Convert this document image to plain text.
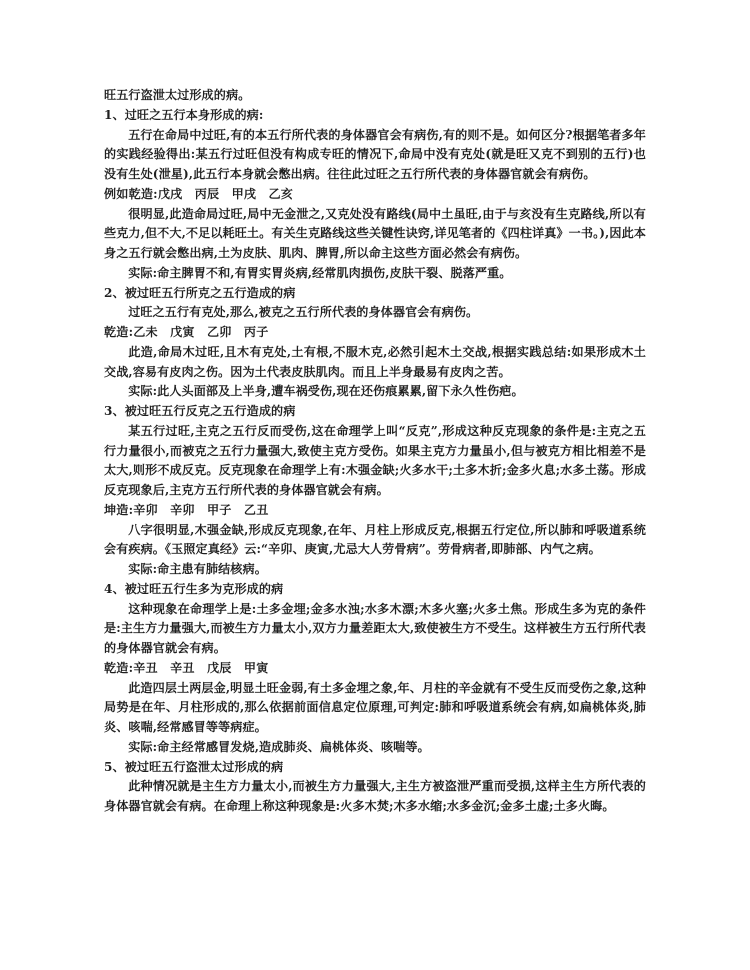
旺五行盗泄太过形成的病。

1、过旺之五行本身形成的病:

五行在命局中过旺,有的本五行所代表的身体器官会有病伤,有的则不是。如何区分?根据笔者多年的实践经验得出:某五行过旺但没有构成专旺的情况下,命局中没有克处(就是旺又克不到别的五行)也没有生处(泄星),此五行本身就会憋出病。往往此过旺之五行所代表的身体器官就会有病伤。

例如乾造:戊戌　丙辰　甲戌　乙亥

很明显,此造命局过旺,局中无金泄之,又克处没有路线(局中土虽旺,由于与亥没有生克路线,所以有些克力,但不大,不足以耗旺土。有关生克路线这些关键性诀窍,详见笔者的《四柱详真》一书。),因此本身之五行就会憋出病,土为皮肤、肌肉、脾胃,所以命主这些方面必然会有病伤。

实际:命主脾胃不和,有胃实胃炎病,经常肌肉损伤,皮肤干裂、脱落严重。

2、被过旺五行所克之五行造成的病

过旺之五行有克处,那么,被克之五行所代表的身体器官会有病伤。

乾造:乙未　戊寅　乙卯　丙子

此造,命局木过旺,且木有克处,土有根,不服木克,必然引起木土交战,根据实践总结:如果形成木土交战,容易有皮肉之伤。因为土代表皮肤肌肉。而且上半身最易有皮肉之苦。

实际:此人头面部及上半身,遭车祸受伤,现在还伤痕累累,留下永久性伤疤。

3、被过旺五行反克之五行造成的病

某五行过旺,主克之五行反而受伤,这在命理学上叫“反克”,形成这种反克现象的条件是:主克之五行力量很小,而被克之五行力量强大,致使主克方受伤。如果主克方力量虽小,但与被克方相比相差不是太大,则形不成反克。反克现象在命理学上有:木强金缺;火多水干;土多木折;金多火息;水多土荡。形成反克现象后,主克方五行所代表的身体器官就会有病。

坤造:辛卯　辛卯　甲子　乙丑

八字很明显,木强金缺,形成反克现象,在年、月柱上形成反克,根据五行定位,所以肺和呼吸道系统会有疾病。《玉照定真经》云:“辛卯、庚寅,尤忌大人劳骨病”。劳骨病者,即肺部、内气之病。

实际:命主患有肺结核病。

4、被过旺五行生多为克形成的病

这种现象在命理学上是:土多金埋;金多水浊;水多木漂;木多火塞;火多土焦。形成生多为克的条件是:主生方力量强大,而被生方力量太小,双方力量差距太大,致使被生方不受生。这样被生方五行所代表的身体器官就会有病。

乾造:辛丑　辛丑　戊辰　甲寅

此造四层土两层金,明显土旺金弱,有土多金埋之象,年、月柱的辛金就有不受生反而受伤之象,这种局势是在年、月柱形成的,那么依据前面信息定位原理,可判定:肺和呼吸道系统会有病,如扁桃体炎,肺炎、咳喘,经常感冒等等病症。

实际:命主经常感冒发烧,造成肺炎、扁桃体炎、咳喘等。

5、被过旺五行盗泄太过形成的病

此种情况就是主生方力量太小,而被生方力量强大,主生方被盗泄严重而受损,这样主生方所代表的身体器官就会有病。在命理上称这种现象是:火多木焚;木多水缩;水多金沉;金多土虚;土多火晦。
